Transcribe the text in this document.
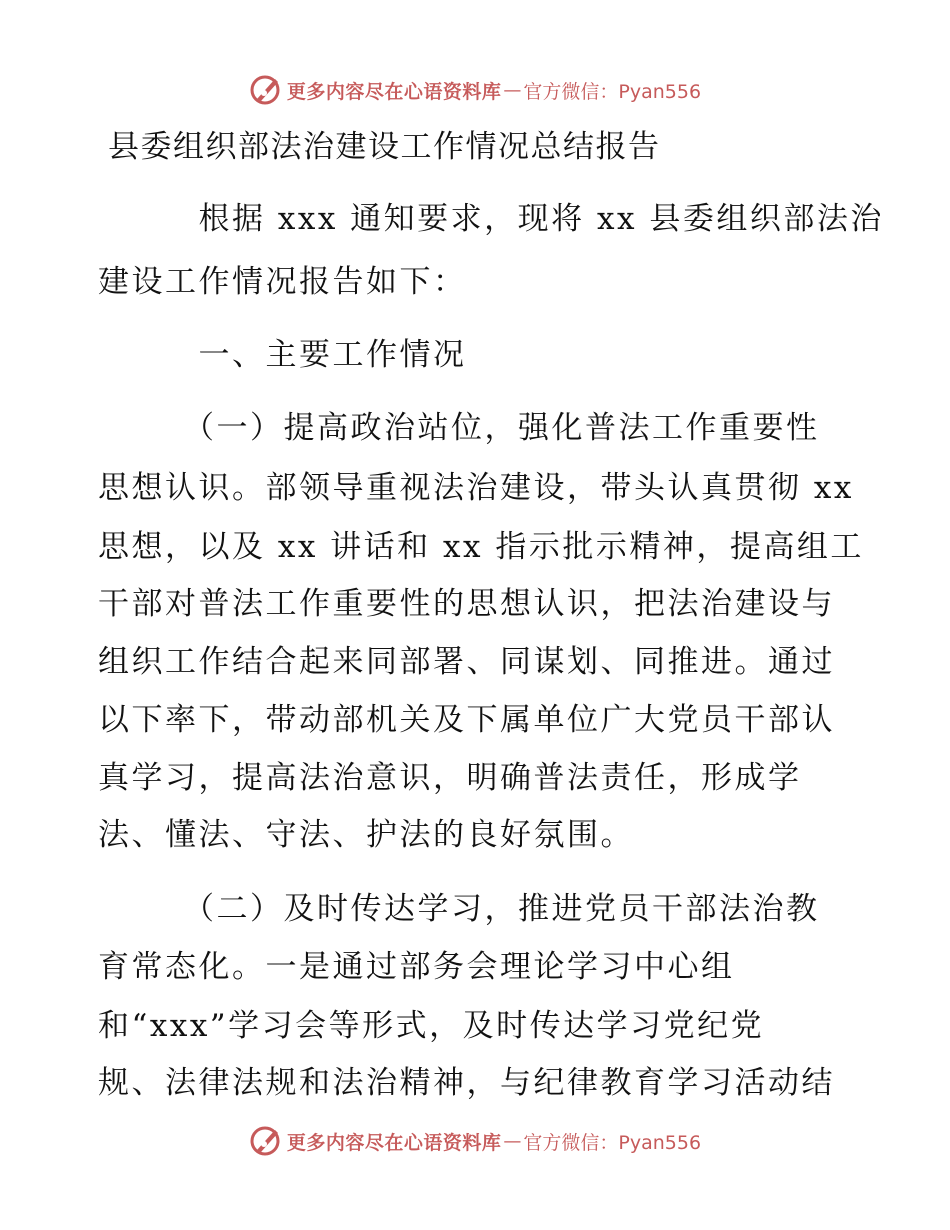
更多内容尽在心语资料库 — 官方微信：Pyan556
县委组织部法治建设工作情况总结报告
　　　根据 xxx 通知要求，现将 xx 县委组织部法治
建设工作情况报告如下：
　　　一、主要工作情况
　　　（一）提高政治站位，强化普法工作重要性
思想认识。部领导重视法治建设，带头认真贯彻 xx
思想，以及 xx 讲话和 xx 指示批示精神，提高组工
干部对普法工作重要性的思想认识，把法治建设与
组织工作结合起来同部署、同谋划、同推进。通过
以下率下，带动部机关及下属单位广大党员干部认
真学习，提高法治意识，明确普法责任，形成学
法、懂法、守法、护法的良好氛围。
　　　（二）及时传达学习，推进党员干部法治教
育常态化。一是通过部务会理论学习中心组
和“xxx”学习会等形式，及时传达学习党纪党
规、法律法规和法治精神，与纪律教育学习活动结
更多内容尽在心语资料库 — 官方微信：Pyan556
